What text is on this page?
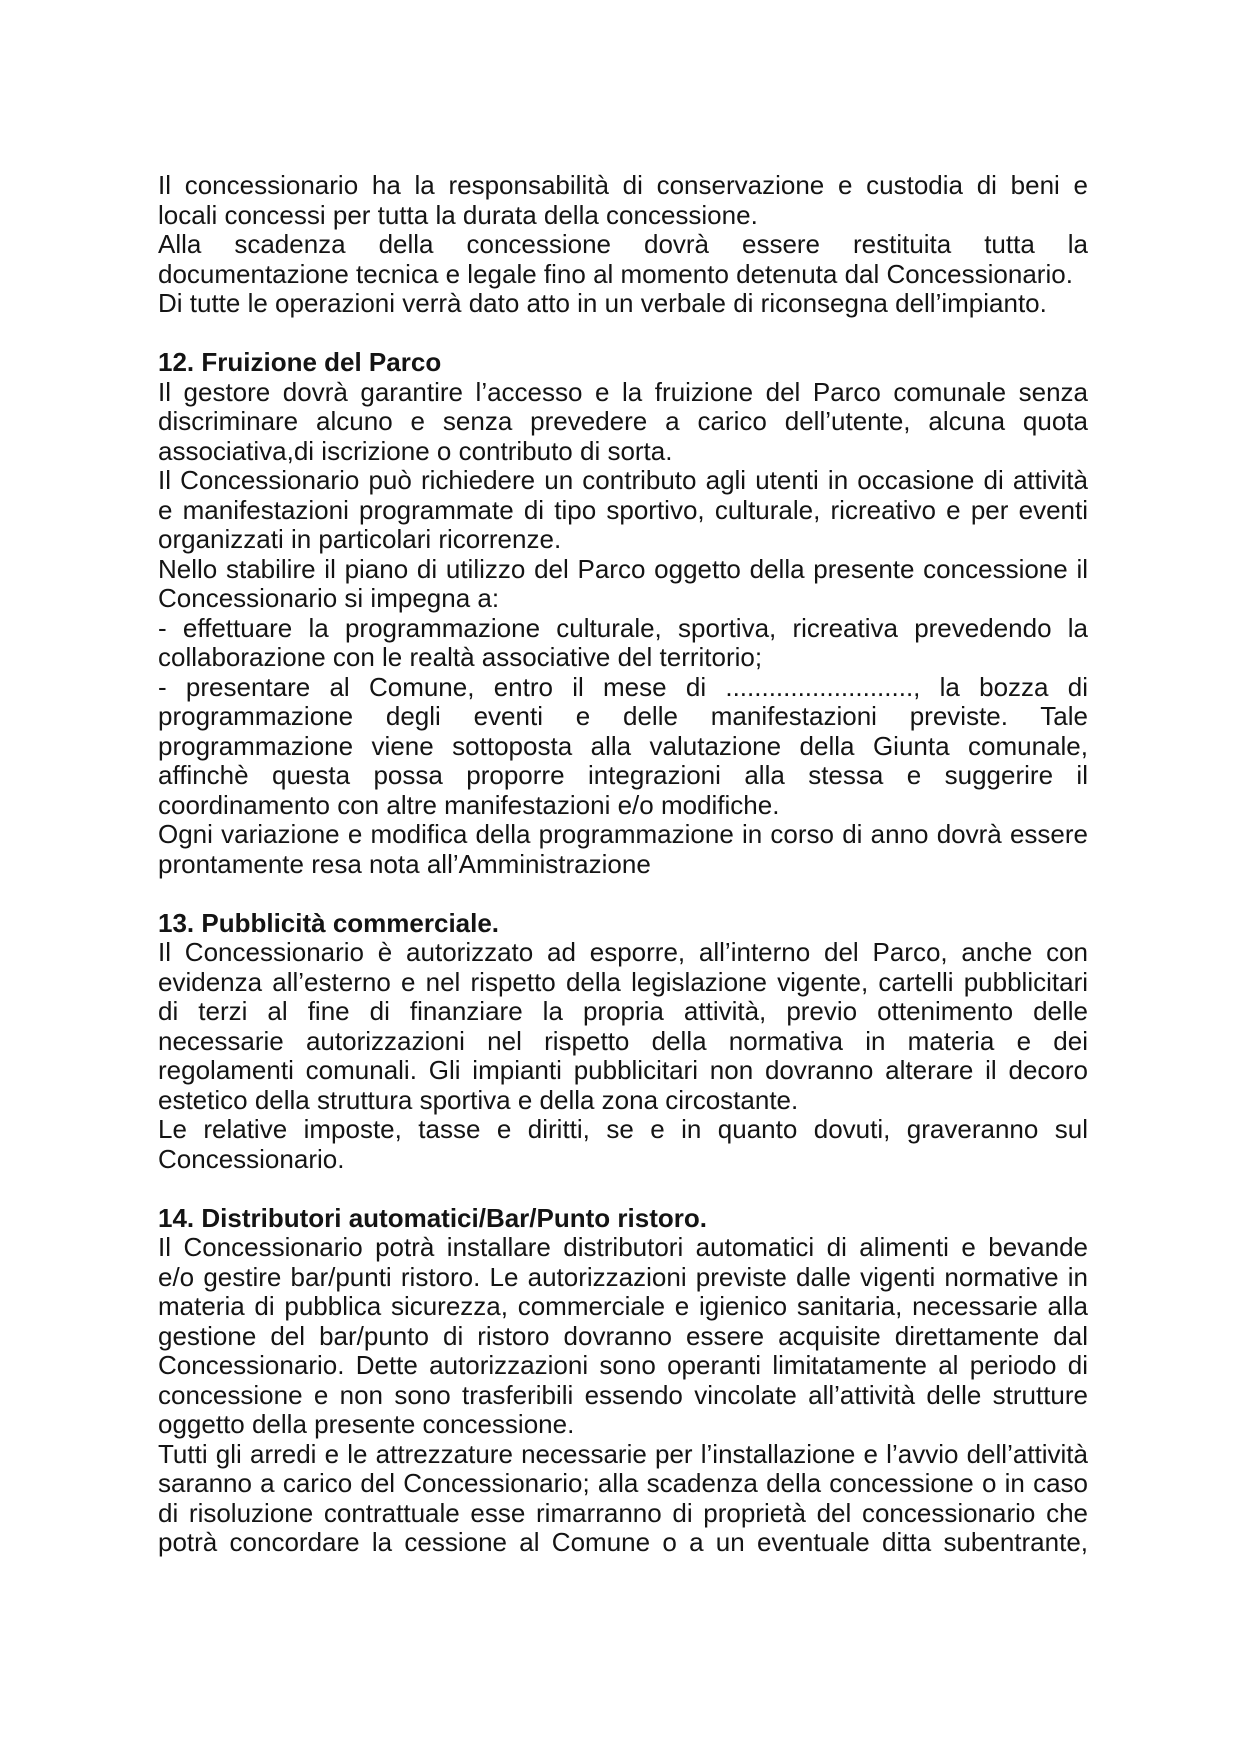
Il concessionario ha la responsabilità di conservazione e custodia di beni e
locali concessi per tutta la durata della concessione.
Alla scadenza della concessione dovrà essere restituita tutta la
documentazione tecnica e legale fino al momento detenuta dal Concessionario.
Di tutte le operazioni verrà dato atto in un verbale di riconsegna dell’impianto.
12. Fruizione del Parco
Il gestore dovrà garantire l’accesso e la fruizione del Parco comunale senza
discriminare alcuno e senza prevedere a carico dell’utente, alcuna quota
associativa,di iscrizione o contributo di sorta.
Il Concessionario può richiedere un contributo agli utenti in occasione di attività
e manifestazioni programmate di tipo sportivo, culturale, ricreativo e per eventi
organizzati in particolari ricorrenze.
Nello stabilire il piano di utilizzo del Parco oggetto della presente concessione il
Concessionario si impegna a:
- effettuare la programmazione culturale, sportiva, ricreativa prevedendo la
collaborazione con le realtà associative del territorio;
- presentare al Comune, entro il mese di .........................., la bozza di
programmazione degli eventi e delle manifestazioni previste. Tale
programmazione viene sottoposta alla valutazione della Giunta comunale,
affinchè questa possa proporre integrazioni alla stessa e suggerire il
coordinamento con altre manifestazioni e/o modifiche.
Ogni variazione e modifica della programmazione in corso di anno dovrà essere
prontamente resa nota all’Amministrazione
13. Pubblicità commerciale.
Il Concessionario è autorizzato ad esporre, all’interno del Parco, anche con
evidenza all’esterno e nel rispetto della legislazione vigente, cartelli pubblicitari
di terzi al fine di finanziare la propria attività, previo ottenimento delle
necessarie autorizzazioni nel rispetto della normativa in materia e dei
regolamenti comunali. Gli impianti pubblicitari non dovranno alterare il decoro
estetico della struttura sportiva e della zona circostante.
Le relative imposte, tasse e diritti, se e in quanto dovuti, graveranno sul
Concessionario.
14. Distributori automatici/Bar/Punto ristoro.
Il Concessionario potrà installare distributori automatici di alimenti e bevande
e/o gestire bar/punti ristoro. Le autorizzazioni previste dalle vigenti normative in
materia di pubblica sicurezza, commerciale e igienico sanitaria, necessarie alla
gestione del bar/punto di ristoro dovranno essere acquisite direttamente dal
Concessionario. Dette autorizzazioni sono operanti limitatamente al periodo di
concessione e non sono trasferibili essendo vincolate all’attività delle strutture
oggetto della presente concessione.
Tutti gli arredi e le attrezzature necessarie per l’installazione e l’avvio dell’attività
saranno a carico del Concessionario; alla scadenza della concessione o in caso
di risoluzione contrattuale esse rimarranno di proprietà del concessionario che
potrà concordare la cessione al Comune o a un eventuale ditta subentrante,
